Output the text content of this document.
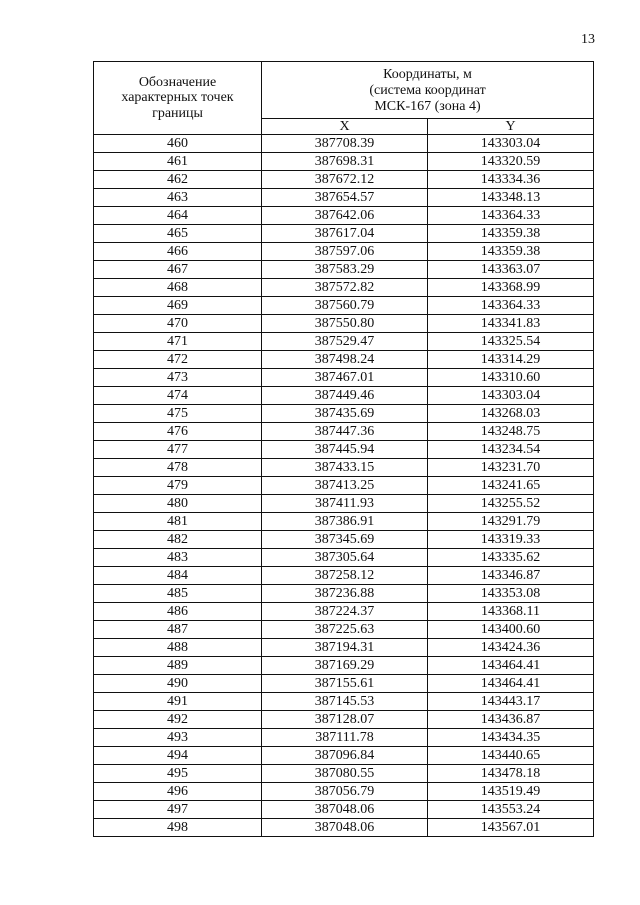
13
Обозначение характерных точек границы	Координаты, м
(система координат
МСК-167 (зона 4)	

	X	Y
460	387708.39	143303.04
461	387698.31	143320.59
462	387672.12	143334.36
463	387654.57	143348.13
464	387642.06	143364.33
465	387617.04	143359.38
466	387597.06	143359.38
467	387583.29	143363.07
468	387572.82	143368.99
469	387560.79	143364.33
470	387550.80	143341.83
471	387529.47	143325.54
472	387498.24	143314.29
473	387467.01	143310.60
474	387449.46	143303.04
475	387435.69	143268.03
476	387447.36	143248.75
477	387445.94	143234.54
478	387433.15	143231.70
479	387413.25	143241.65
480	387411.93	143255.52
481	387386.91	143291.79
482	387345.69	143319.33
483	387305.64	143335.62
484	387258.12	143346.87
485	387236.88	143353.08
486	387224.37	143368.11
487	387225.63	143400.60
488	387194.31	143424.36
489	387169.29	143464.41
490	387155.61	143464.41
491	387145.53	143443.17
492	387128.07	143436.87
493	387111.78	143434.35
494	387096.84	143440.65
495	387080.55	143478.18
496	387056.79	143519.49
497	387048.06	143553.24
498	387048.06	143567.01
